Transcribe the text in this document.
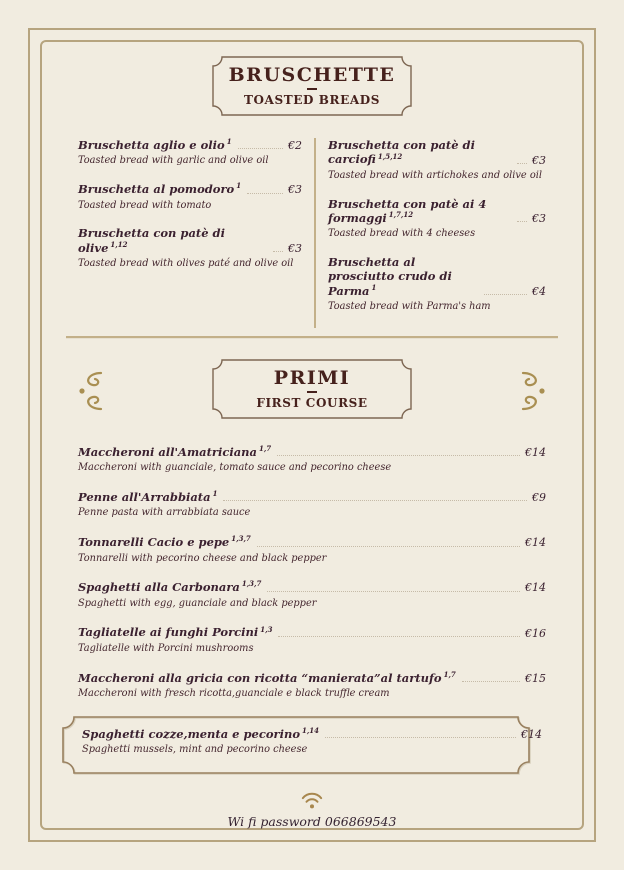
BRUSCHETTE
TOASTED BREADS
Bruschetta aglio e olio $^1$	€2
Toasted bread with garlic and olive oil
Bruschetta al pomodoro $^1$	€3
Toasted bread with tomato
Bruschetta con patè di olive $^{1,12}$	€3
Toasted bread with olives paté and olive oil
Bruschetta con patè di carciofi $^{1,5,12}$	€3
Toasted bread with artichokes and olive oil
Bruschetta con patè ai 4 formaggi $^{1,7,12}$	€3
Toasted bread with 4 cheeses
Bruschetta al prosciutto crudo di Parma $^1$	€4
Toasted bread with Parma's ham
PRIMI
FIRST COURSE
Maccheroni all'Amatriciana $^{1,7}$	€14
Maccheroni with guanciale, tomato sauce and pecorino cheese
Penne all'Arrabbiata $^1$	€9
Penne pasta with arrabbiata sauce
Tonnarelli Cacio e pepe $^{1,3,7}$	€14
Tonnarelli with pecorino cheese and black pepper
Spaghetti alla Carbonara $^{1,3,7}$	€14
Spaghetti with egg, guanciale and black pepper
Tagliatelle ai funghi Porcini $^{1,3}$	€16
Tagliatelle with Porcini mushrooms
Maccheroni alla gricia con ricotta “manierata”al tartufo $^{1,7}$	€15
Maccheroni with fresch ricotta,guanciale e black truffle cream
Spaghetti cozze,menta e pecorino $^{1,14}$	€14
Spaghetti mussels, mint and pecorino cheese
Wi fi password 066869543
